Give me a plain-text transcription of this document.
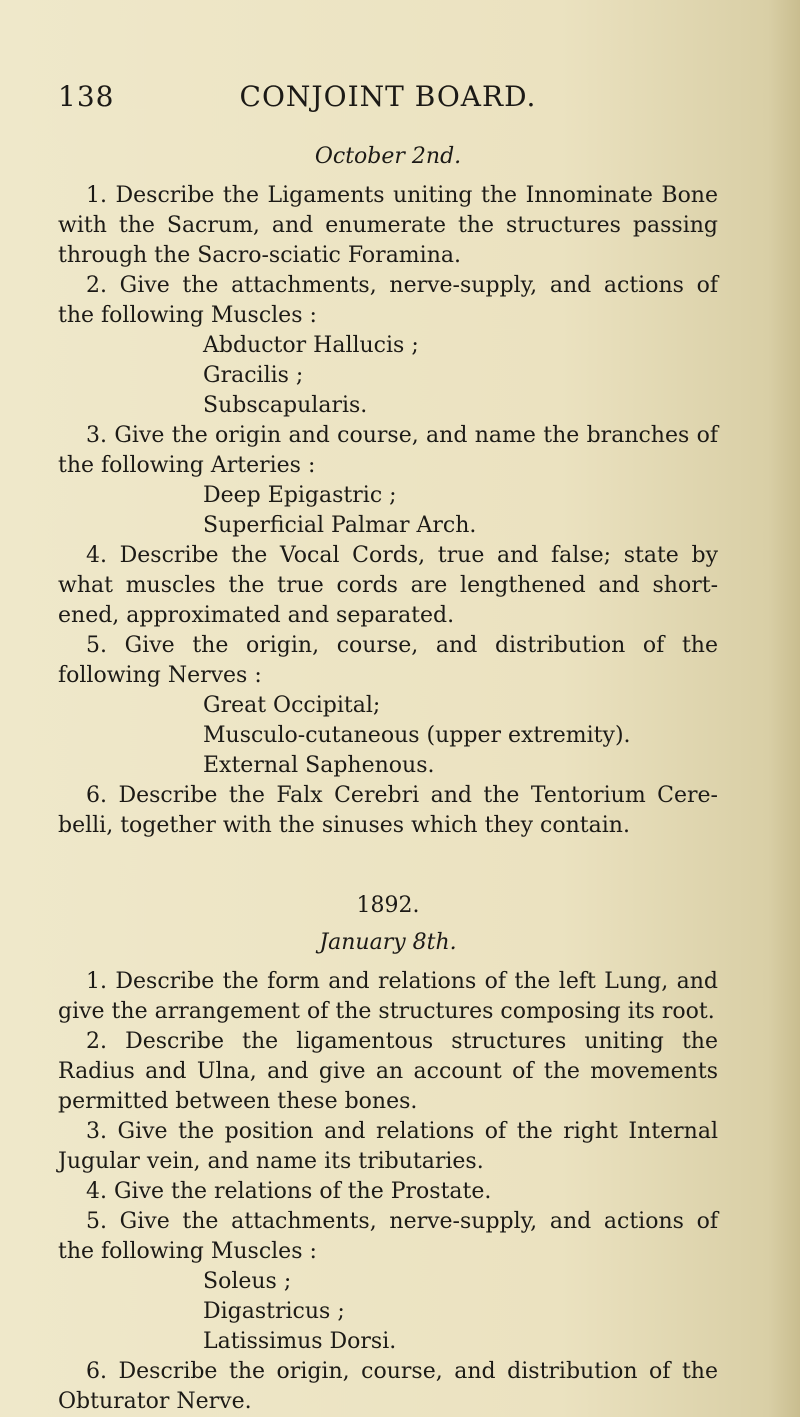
138	CONJOINT BOARD.
October 2nd.

1. Describe the Ligaments uniting the Innominate Bone with the Sacrum, and enumerate the structures passing through the Sacro-sciatic Foramina.

2. Give the attachments, nerve-supply, and actions of the following Muscles :

Abductor Hallucis ;

Gracilis ;

Subscapularis.

3. Give the origin and course, and name the branches of the following Arteries :

Deep Epigastric ;

Superficial Palmar Arch.

4. Describe the Vocal Cords, true and false; state by what muscles the true cords are lengthened and short- ened, approximated and separated.

5. Give the origin, course, and distribution of the following Nerves :

Great Occipital;

Musculo-cutaneous (upper extremity).

External Saphenous.

6. Describe the Falx Cerebri and the Tentorium Cere- belli, together with the sinuses which they contain.

1892.
January 8th.

1. Describe the form and relations of the left Lung, and give the arrangement of the structures composing its root.

2. Describe the ligamentous structures uniting the Radius and Ulna, and give an account of the movements permitted between these bones.

3. Give the position and relations of the right Internal Jugular vein, and name its tributaries.

4. Give the relations of the Prostate.

5. Give the attachments, nerve-supply, and actions of the following Muscles :

Soleus ;

Digastricus ;

Latissimus Dorsi.

6. Describe the origin, course, and distribution of the Obturator Nerve.
